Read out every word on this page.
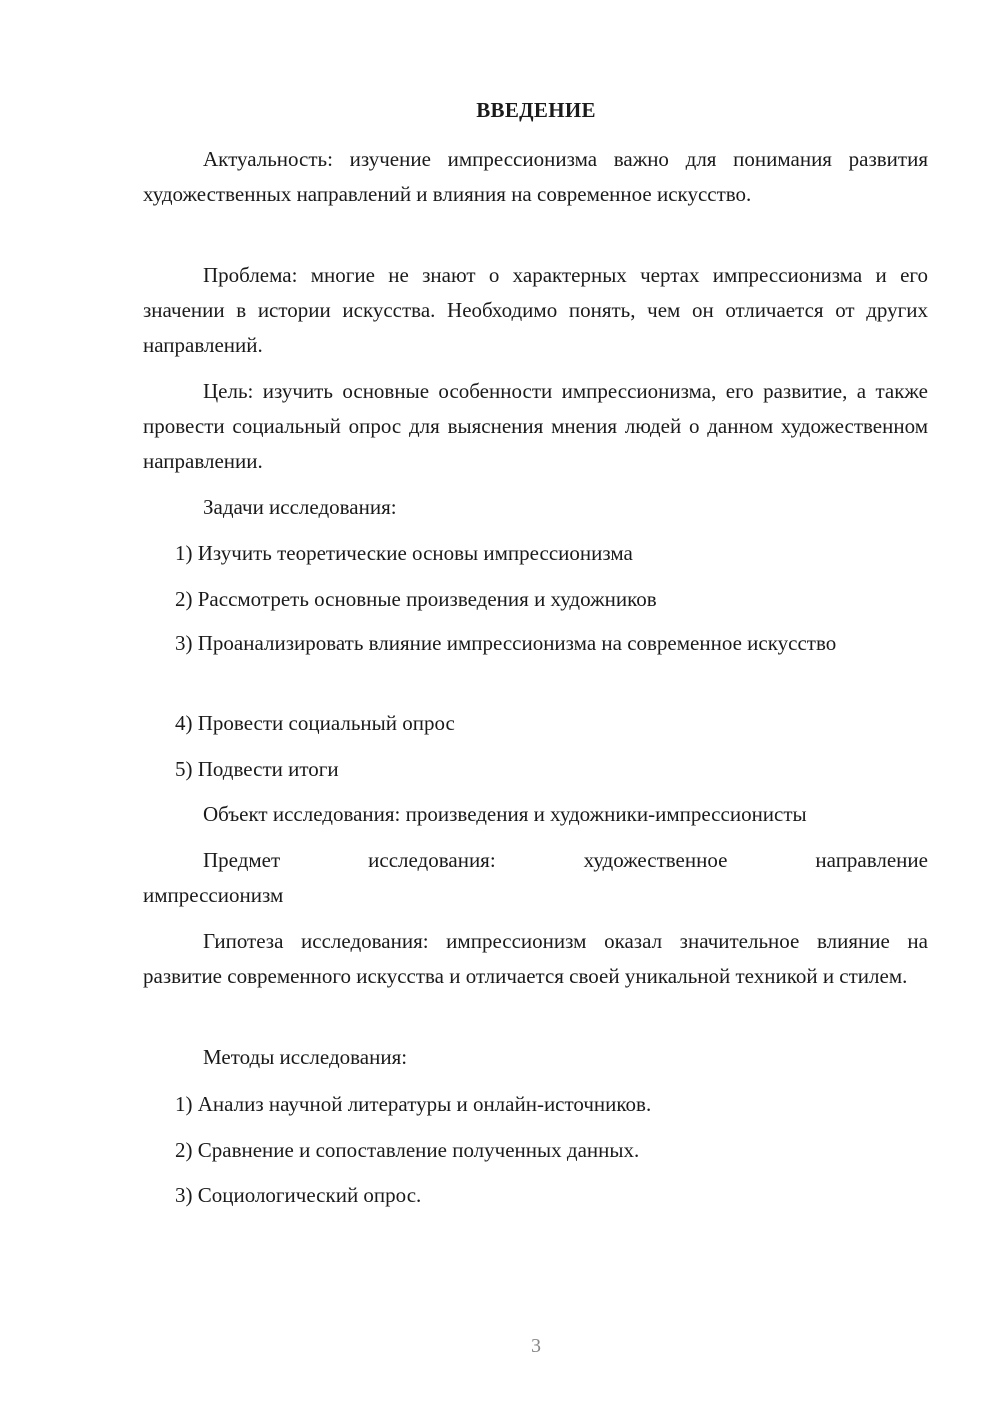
ВВЕДЕНИЕ
Актуальность: изучение импрессионизма важно для понимания развития художественных направлений и влияния на современное искусство.
Проблема: многие не знают о характерных чертах импрессионизма и его значении в истории искусства. Необходимо понять, чем он отличается от других направлений.
Цель: изучить основные особенности импрессионизма, его развитие, а также провести социальный опрос для выяснения мнения людей о данном художественном направлении.
Задачи исследования:
1) Изучить теоретические основы импрессионизма
2) Рассмотреть основные произведения и художников
3) Проанализировать влияние импрессионизма на современное искусство
4) Провести социальный опрос
5) Подвести итоги
Объект исследования: произведения и художники-импрессионисты
Предмет	исследования:	художественное	направление
импрессионизм
Гипотеза исследования: импрессионизм оказал значительное влияние на развитие современного искусства и отличается своей уникальной техникой и стилем.
Методы исследования:
1) Анализ научной литературы и онлайн-источников.
2) Сравнение и сопоставление полученных данных.
3) Социологический опрос.
3
